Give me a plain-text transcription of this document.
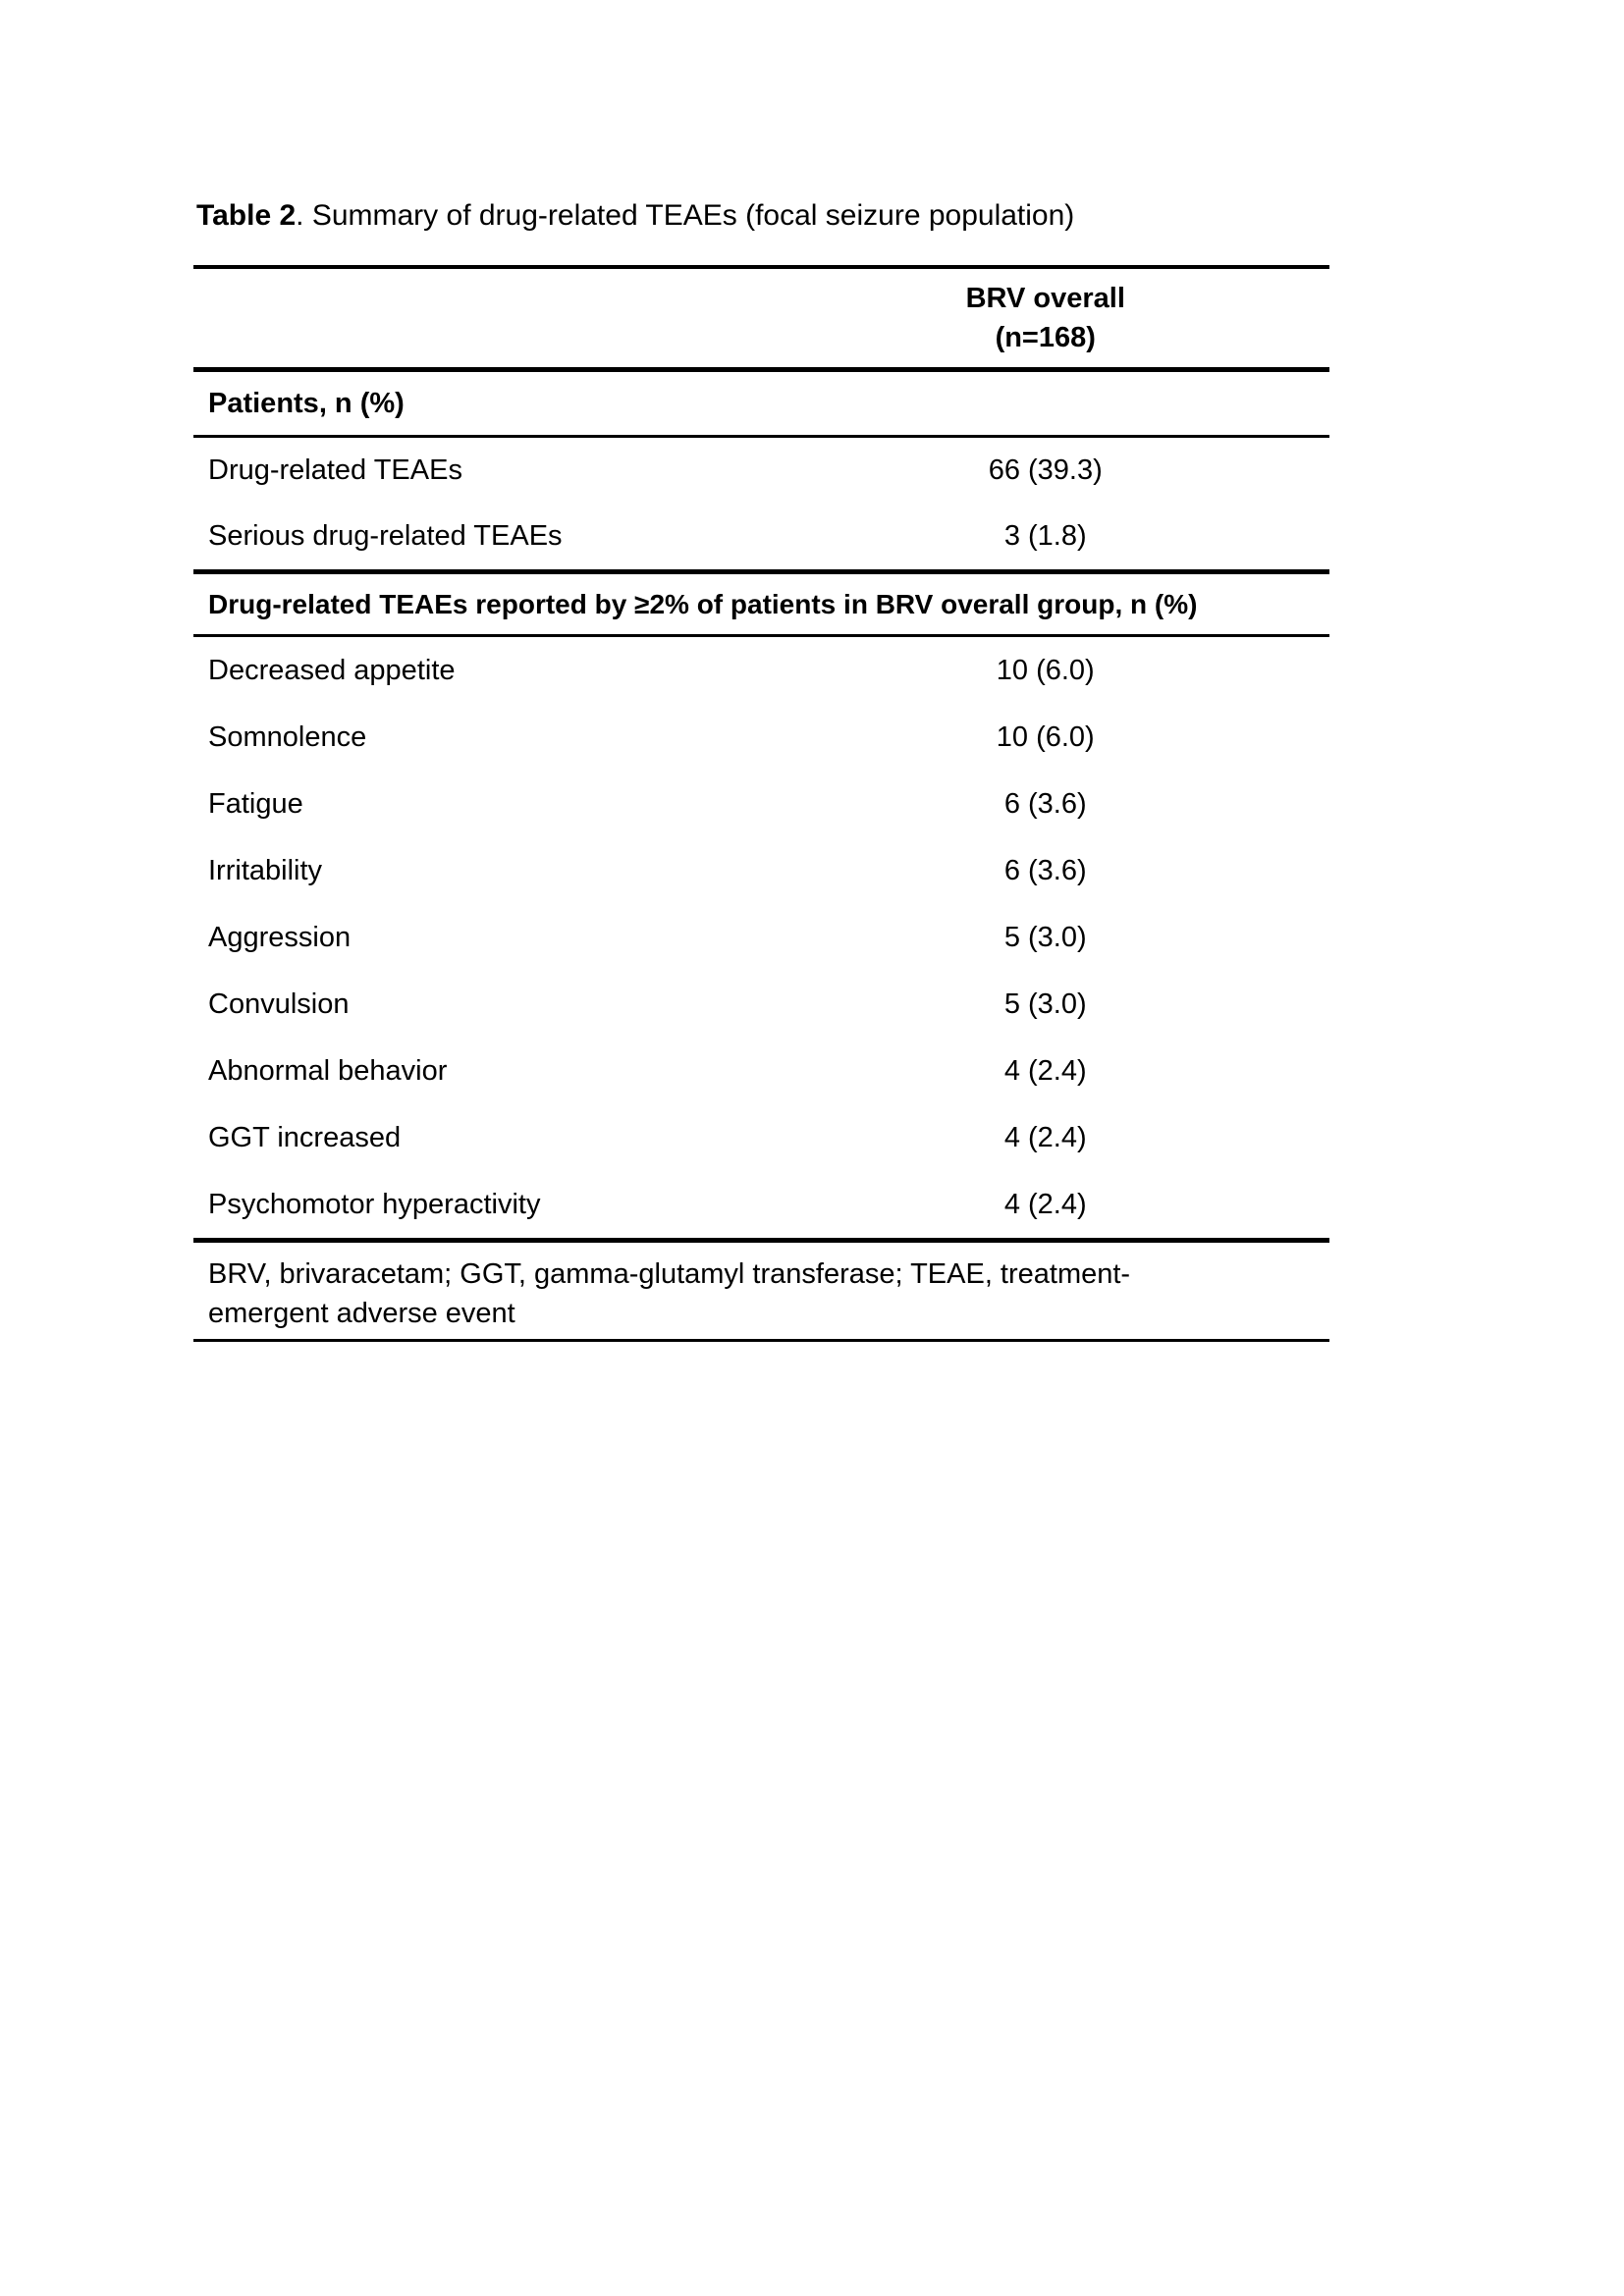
Table 2. Summary of drug-related TEAEs (focal seizure population)
BRV overall
(n=168)
Patients, n (%)
Drug-related TEAEs	66 (39.3)
Serious drug-related TEAEs	3 (1.8)
Drug-related TEAEs reported by ≥2% of patients in BRV overall group, n (%)
Decreased appetite	10 (6.0)
Somnolence	10 (6.0)
Fatigue	6 (3.6)
Irritability	6 (3.6)
Aggression	5 (3.0)
Convulsion	5 (3.0)
Abnormal behavior	4 (2.4)
GGT increased	4 (2.4)
Psychomotor hyperactivity	4 (2.4)
BRV, brivaracetam; GGT, gamma-glutamyl transferase; TEAE, treatment-
emergent adverse event
